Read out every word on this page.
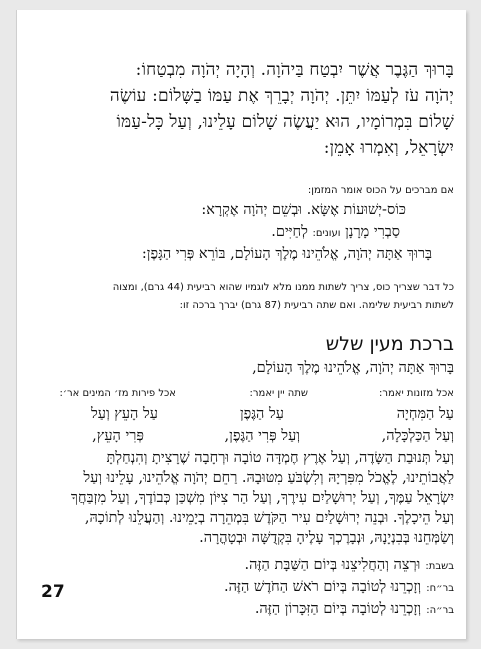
בָּרוּךְ הַגֶּבֶר אֲשֶׁר יִבְטַח בַּיהֹוָה. וְהָיָה יְהֹוָה מִבְטַחוֹ:
יְהֹוָה עֹז לְעַמּוֹ יִתֵּן. יְהֹוָה יְבָרֵךְ אֶת עַמּוֹ בַשָּׁלוֹם: עוֹשֶׂה
שָׁלוֹם בִּמְרוֹמָיו, הוּא יַעֲשֶׂה שָׁלוֹם עָלֵינוּ, וְעַל כָּל-עַמּוֹ
יִשְׂרָאֵל, וְאִמְרוּ אָמֵן:
אם מברכים על הכוס אומר המזמן:
כּוֹס-יְשׁוּעוֹת אֶשָּׂא. וּבְשֵׁם יְהֹוָה אֶקְרָא:
סַבְרִי מָרָנָן ועונים: לְחַיִּים.
בָּרוּךְ אַתָּה יְהֹוָה, אֱלֹהֵינוּ מֶלֶךְ הָעוֹלָם, בּוֹרֵא פְּרִי הַגָּפֶן:
כל דבר שצריך כוס, צריך לשתות ממנו מלא לוגמיו שהוא רביעית (44 גרם), ומצוה
לשתות רביעית שלימה. ואם שתה רביעית (87 גרם) יברך ברכה זו:
ברכת מעין שלש
בָּרוּךְ אַתָּה יְהֹוָה, אֱלֹהֵינוּ מֶלֶךְ הָעוֹלָם,
אכל מזונות יאמר:
שתה יין יאמר:
אכל פירות מז׳ המינים אר׳:
עַל הַמִּחְיָה
עַל הַגֶּפֶן
עַל הָעֵץ וְעַל
וְעַל הַכַּלְכָּלָה,
וְעַל פְּרִי הַגֶּפֶן,
פְּרִי הָעֵץ,
וְעַל תְּנוּבַת הַשָּׂדֶה, וְעַל אֶרֶץ חֶמְדָּה טוֹבָה וּרְחָבָה שֶׁרָצִיתָ וְהִנְחַלְתָּ
לַאֲבוֹתֵינוּ, לֶאֱכֹל מִפִּרְיָהּ וְלִשְׂבֹּעַ מִטּוּבָהּ. רַחֵם יְהֹוָה אֱלֹהֵינוּ, עָלֵינוּ וְעַל
יִשְׂרָאֵל עַמֶּךָ, וְעַל יְרוּשָׁלַיִם עִירֶךָ, וְעַל הַר צִיּוֹן מִשְׁכַּן כְּבוֹדֶךָ, וְעַל מִזְבַּחֲךָ
וְעַל הֵיכָלֶךָ. וּבְנֵה יְרוּשָׁלַיִם עִיר הַקֹּדֶשׁ בִּמְהֵרָה בְיָמֵינוּ. וְהַעֲלֵנוּ לְתוֹכָהּ,
וְשַׂמְּחֵנוּ בְּבִנְיָנָהּ, וּנְבָרֶכְךָ עָלֶיהָ בִּקְדֻשָּׁה וּבְטָהֳרָה.
בשבת: וּרְצֵה וְהַחֲלִיצֵנוּ בְּיוֹם הַשַּׁבָּת הַזֶּה.
בר״ח: וְזָכְרֵנוּ לְטוֹבָה בְּיוֹם רֹאשׁ הַחֹדֶשׁ הַזֶּה.
בר״ה: וְזָכְרֵנוּ לְטוֹבָה בְּיוֹם הַזִּכָּרוֹן הַזֶּה.
27
